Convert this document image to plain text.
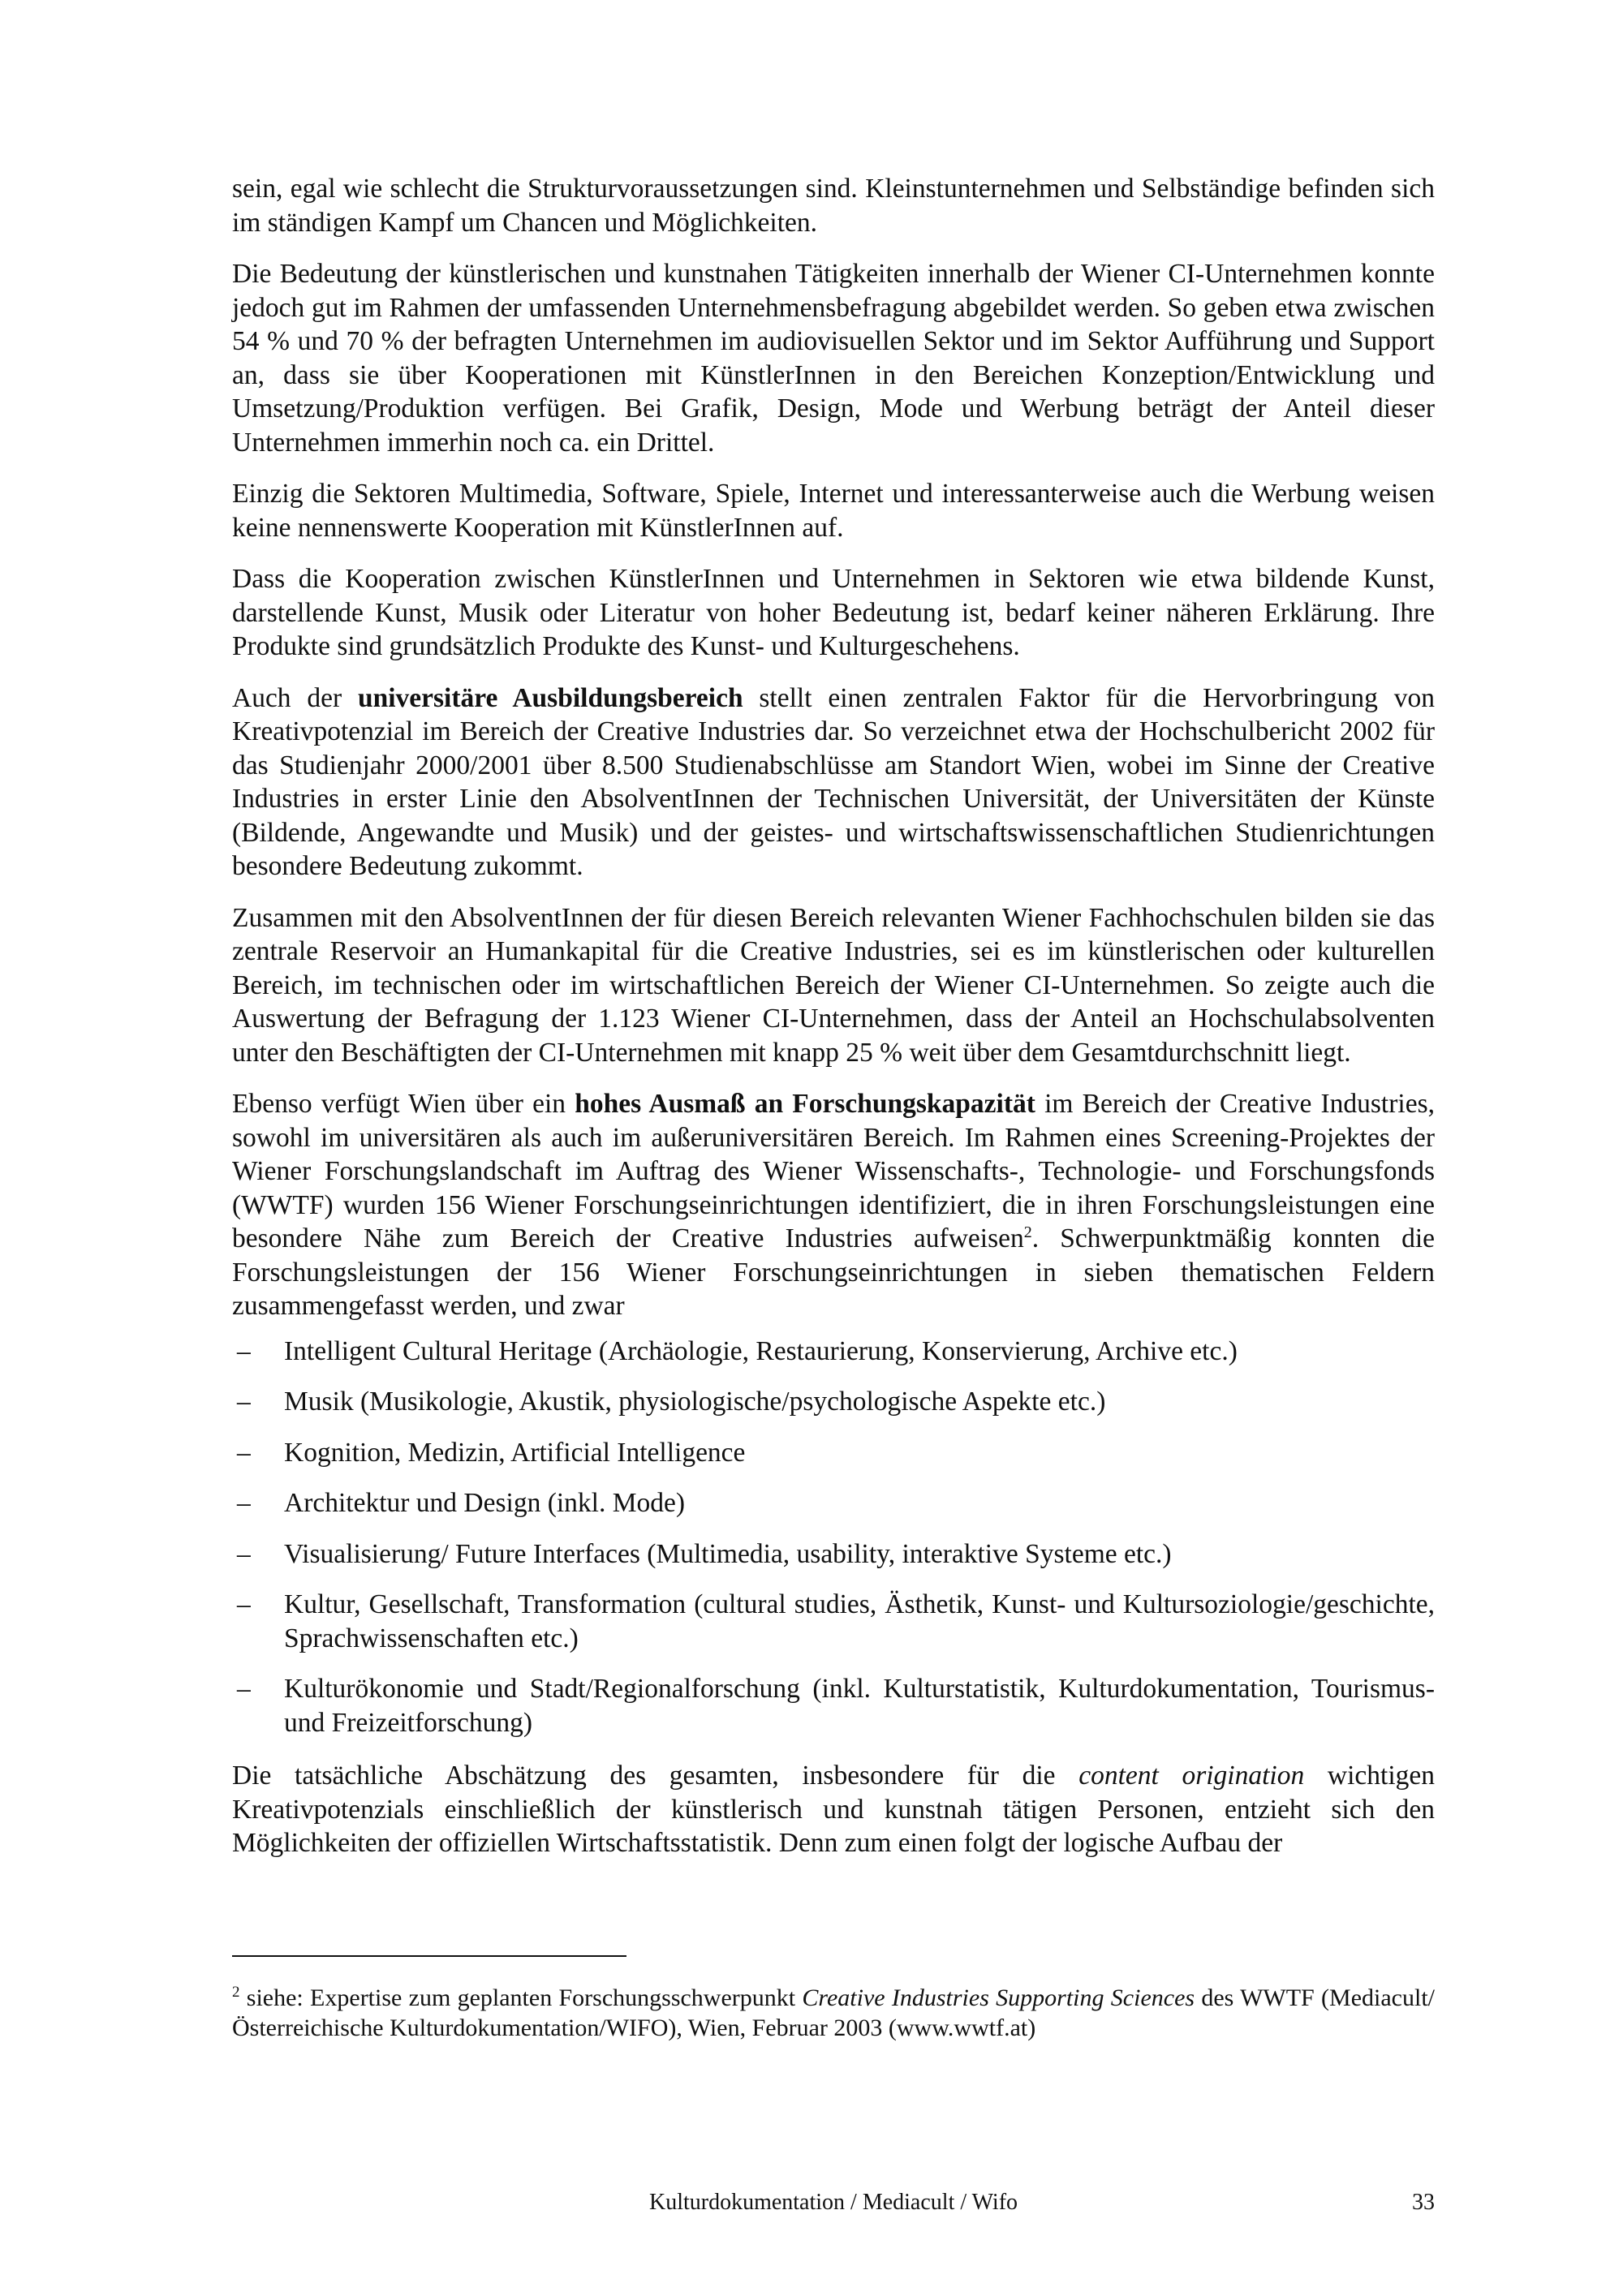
sein, egal wie schlecht die Strukturvoraussetzungen sind. Kleinstunternehmen und Selbständige befinden sich im ständigen Kampf um Chancen und Möglichkeiten.

Die Bedeutung der künstlerischen und kunstnahen Tätigkeiten innerhalb der Wiener CI-Unternehmen konnte jedoch gut im Rahmen der umfassenden Unternehmensbefragung abgebildet werden. So geben etwa zwischen 54 % und 70 % der befragten Unternehmen im audiovisuellen Sektor und im Sektor Aufführung und Support an, dass sie über Kooperationen mit KünstlerInnen in den Bereichen Konzeption/Entwicklung und Umsetzung/Produktion verfügen. Bei Grafik, Design, Mode und Werbung beträgt der Anteil dieser Unternehmen immerhin noch ca. ein Drittel.

Einzig die Sektoren Multimedia, Software, Spiele, Internet und interessanterweise auch die Werbung weisen keine nennenswerte Kooperation mit KünstlerInnen auf.

Dass die Kooperation zwischen KünstlerInnen und Unternehmen in Sektoren wie etwa bildende Kunst, darstellende Kunst, Musik oder Literatur von hoher Bedeutung ist, bedarf keiner näheren Erklärung. Ihre Produkte sind grundsätzlich Produkte des Kunst- und Kulturgeschehens.

Auch der universitäre Ausbildungsbereich stellt einen zentralen Faktor für die Hervorbringung von Kreativpotenzial im Bereich der Creative Industries dar. So verzeichnet etwa der Hochschulbericht 2002 für das Studienjahr 2000/2001 über 8.500 Studienabschlüsse am Standort Wien, wobei im Sinne der Creative Industries in erster Linie den AbsolventInnen der Technischen Universität, der Universitäten der Künste (Bildende, Angewandte und Musik) und der geistes- und wirtschaftswissenschaftlichen Studienrichtungen besondere Bedeutung zukommt.

Zusammen mit den AbsolventInnen der für diesen Bereich relevanten Wiener Fachhochschulen bilden sie das zentrale Reservoir an Humankapital für die Creative Industries, sei es im künstlerischen oder kulturellen Bereich, im technischen oder im wirtschaftlichen Bereich der Wiener CI-Unternehmen. So zeigte auch die Auswertung der Befragung der 1.123 Wiener CI-Unternehmen, dass der Anteil an Hochschulabsolventen unter den Beschäftigten der CI-Unternehmen mit knapp 25 % weit über dem Gesamtdurchschnitt liegt.

Ebenso verfügt Wien über ein hohes Ausmaß an Forschungskapazität im Bereich der Creative Industries, sowohl im universitären als auch im außeruniversitären Bereich. Im Rahmen eines Screening-Projektes der Wiener Forschungslandschaft im Auftrag des Wiener Wissenschafts-, Technologie- und Forschungsfonds (WWTF) wurden 156 Wiener Forschungseinrichtungen identifiziert, die in ihren Forschungsleistungen eine besondere Nähe zum Bereich der Creative Industries aufweisen$^2$. Schwerpunktmäßig konnten die Forschungsleistungen der 156 Wiener Forschungseinrichtungen in sieben thematischen Feldern zusammengefasst werden, und zwar

– Intelligent Cultural Heritage (Archäologie, Restaurierung, Konservierung, Archive etc.)
– Musik (Musikologie, Akustik, physiologische/psychologische Aspekte etc.)
– Kognition, Medizin, Artificial Intelligence
– Architektur und Design (inkl. Mode)
– Visualisierung/ Future Interfaces (Multimedia, usability, interaktive Systeme etc.)
– Kultur, Gesellschaft, Transformation (cultural studies, Ästhetik, Kunst- und Kultursoziologie/geschichte, Sprachwissenschaften etc.)
– Kulturökonomie und Stadt/Regionalforschung (inkl. Kulturstatistik, Kulturdokumentation, Tourismus- und Freizeitforschung)

Die tatsächliche Abschätzung des gesamten, insbesondere für die content origination wichtigen Kreativpotenzials einschließlich der künstlerisch und kunstnah tätigen Personen, entzieht sich den Möglichkeiten der offiziellen Wirtschaftsstatistik. Denn zum einen folgt der logische Aufbau der

$^2$ siehe: Expertise zum geplanten Forschungsschwerpunkt Creative Industries Supporting Sciences des WWTF (Mediacult/Österreichische Kulturdokumentation/WIFO), Wien, Februar 2003 (www.wwtf.at)
Kulturdokumentation / Mediacult / Wifo	33
